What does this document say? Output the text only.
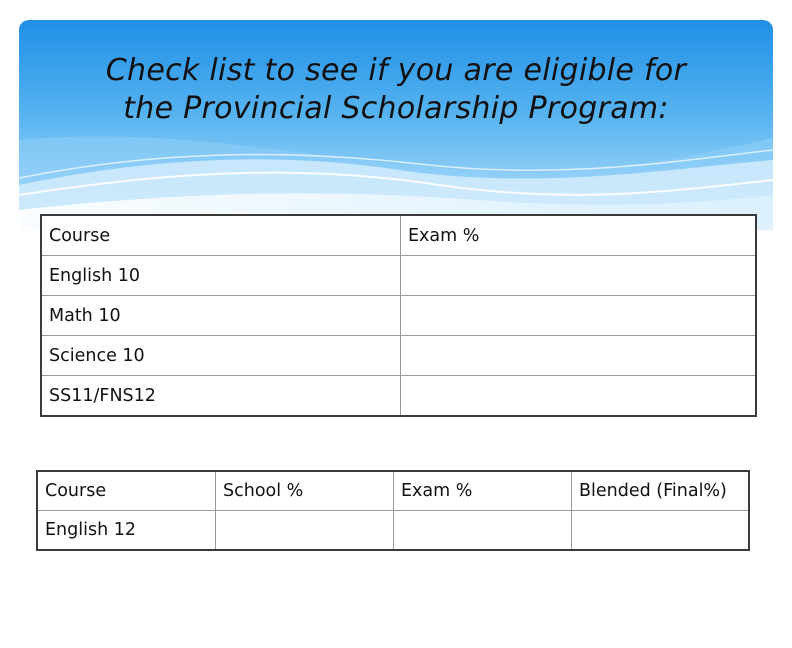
Check list to see if you are eligible for
the Provincial Scholarship Program:
Course	Exam %
English 10	
Math 10	
Science 10	
SS11/FNS12	
Course	School %	Exam %	Blended (Final%)
English 12			
